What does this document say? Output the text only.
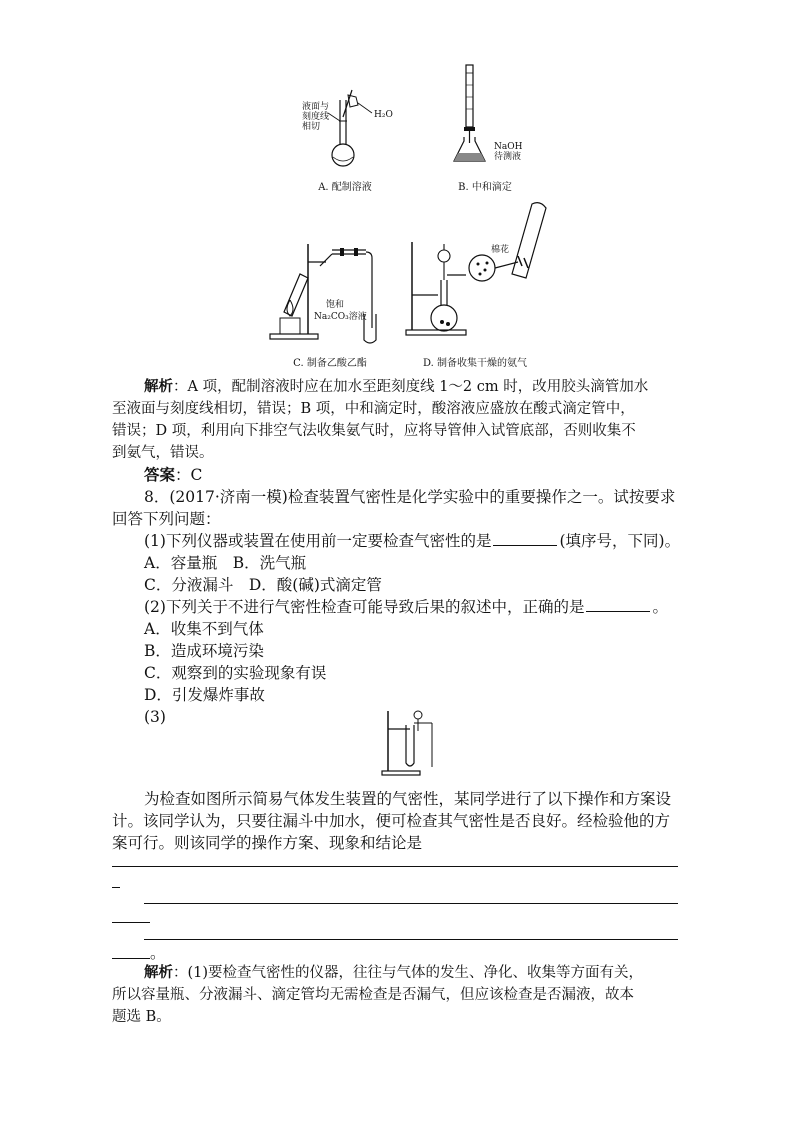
液面与
刻度线
相切
H₂O
A. 配制溶液
NaOH
待测液
B. 中和滴定
饱和
Na₂CO₃溶液
C. 制备乙酸乙酯
棉花
D. 制备收集干燥的氨气
解析：A 项，配制溶液时应在加水至距刻度线 1～2 cm 时，改用胶头滴管加水
至液面与刻度线相切，错误；B 项，中和滴定时，酸溶液应盛放在酸式滴定管中，
错误；D 项，利用向下排空气法收集氨气时，应将导管伸入试管底部，否则收集不
到氨气，错误。
答案：C
8．(2017·济南一模)检查装置气密性是化学实验中的重要操作之一。试按要求
回答下列问题：
(1)下列仪器或装置在使用前一定要检查气密性的是	(填序号，下同)。
A．容量瓶　B．洗气瓶
C．分液漏斗　D．酸(碱)式滴定管
(2)下列关于不进行气密性检查可能导致后果的叙述中，正确的是	。
A．收集不到气体
B．造成环境污染
C．观察到的实验现象有误
D．引发爆炸事故
(3)
为检查如图所示简易气体发生装置的气密性，某同学进行了以下操作和方案设
计。该同学认为，只要往漏斗中加水，便可检查其气密性是否良好。经检验他的方
案可行。则该同学的操作方案、现象和结论是
。
解析：(1)要检查气密性的仪器，往往与气体的发生、净化、收集等方面有关，
所以容量瓶、分液漏斗、滴定管均无需检查是否漏气，但应该检查是否漏液，故本
题选 B。
